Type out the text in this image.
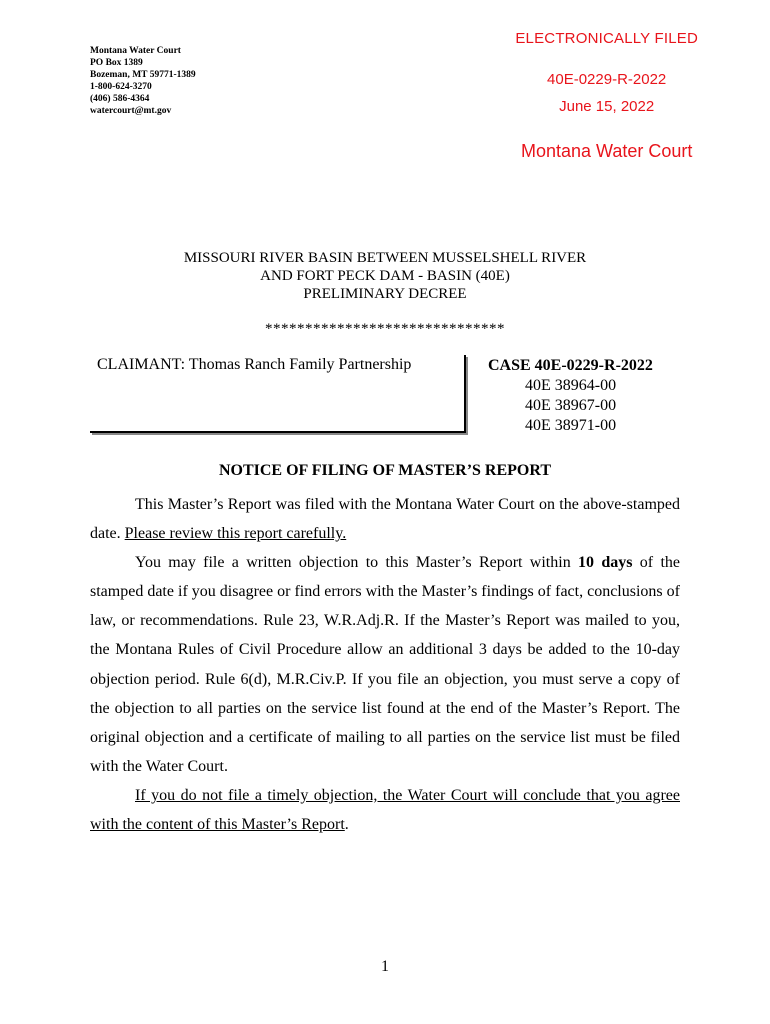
Montana Water Court
PO Box 1389
Bozeman, MT 59771-1389
1-800-624-3270
(406) 586-4364
watercourt@mt.gov
ELECTRONICALLY FILED
40E-0229-R-2022
June 15, 2022
Montana Water Court
MISSOURI RIVER BASIN BETWEEN MUSSELSHELL RIVER
AND FORT PECK DAM - BASIN (40E)
PRELIMINARY DECREE
******************************
CLAIMANT: Thomas Ranch Family Partnership	CASE 40E-0229-R-2022
40E 38964-00
40E 38967-00
40E 38971-00
NOTICE OF FILING OF MASTER’S REPORT

This Master’s Report was filed with the Montana Water Court on the above-stamped date. Please review this report carefully.

You may file a written objection to this Master’s Report within 10 days of the stamped date if you disagree or find errors with the Master’s findings of fact, conclusions of law, or recommendations. Rule 23, W.R.Adj.R. If the Master’s Report was mailed to you, the Montana Rules of Civil Procedure allow an additional 3 days be added to the 10-day objection period. Rule 6(d), M.R.Civ.P. If you file an objection, you must serve a copy of the objection to all parties on the service list found at the end of the Master’s Report. The original objection and a certificate of mailing to all parties on the service list must be filed with the Water Court.

If you do not file a timely objection, the Water Court will conclude that you agree with the content of this Master’s Report.

1
